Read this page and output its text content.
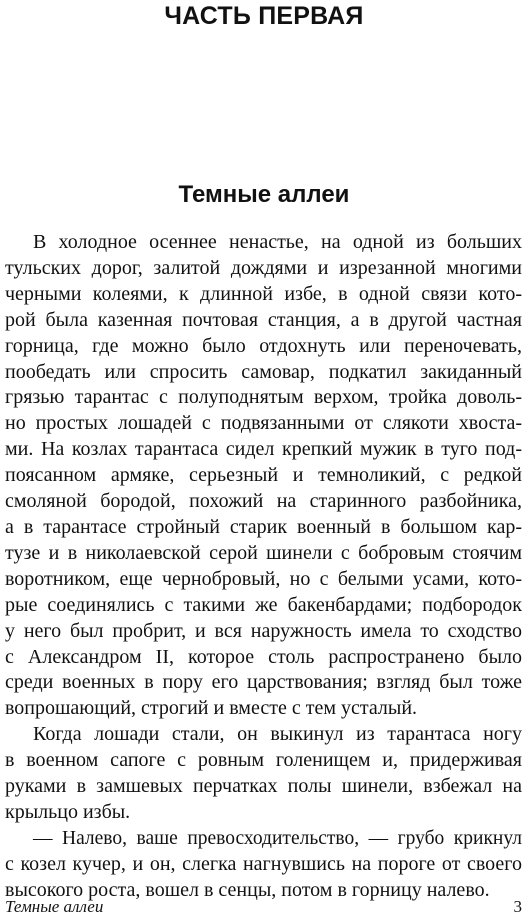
ЧАСТЬ ПЕРВАЯ
Темные аллеи
В холодное осеннее ненастье, на одной из больших
тульских дорог, залитой дождями и изрезанной многими
черными колеями, к длинной избе, в одной связи кото-
рой была казенная почтовая станция, а в другой частная
горница, где можно было отдохнуть или переночевать,
пообедать или спросить самовар, подкатил закиданный
грязью тарантас с полуподнятым верхом, тройка доволь-
но простых лошадей с подвязанными от слякоти хвоста-
ми. На козлах тарантаса сидел крепкий мужик в туго под-
поясанном армяке, серьезный и темноликий, с редкой
смоляной бородой, похожий на старинного разбойника,
а в тарантасе стройный старик военный в большом кар-
тузе и в николаевской серой шинели с бобровым стоячим
воротником, еще чернобровый, но с белыми усами, кото-
рые соединялись с такими же бакенбардами; подбородок
у него был пробрит, и вся наружность имела то сходство
с Александром II, которое столь распространено было
среди военных в пору его царствования; взгляд был тоже
вопрошающий, строгий и вместе с тем усталый.
Когда лошади стали, он выкинул из тарантаса ногу
в военном сапоге с ровным голенищем и, придерживая
руками в замшевых перчатках полы шинели, взбежал на
крыльцо избы.
— Налево, ваше превосходительство, — грубо крикнул
с козел кучер, и он, слегка нагнувшись на пороге от своего
высокого роста, вошел в сенцы, потом в горницу налево.
Темные аллеи	3
